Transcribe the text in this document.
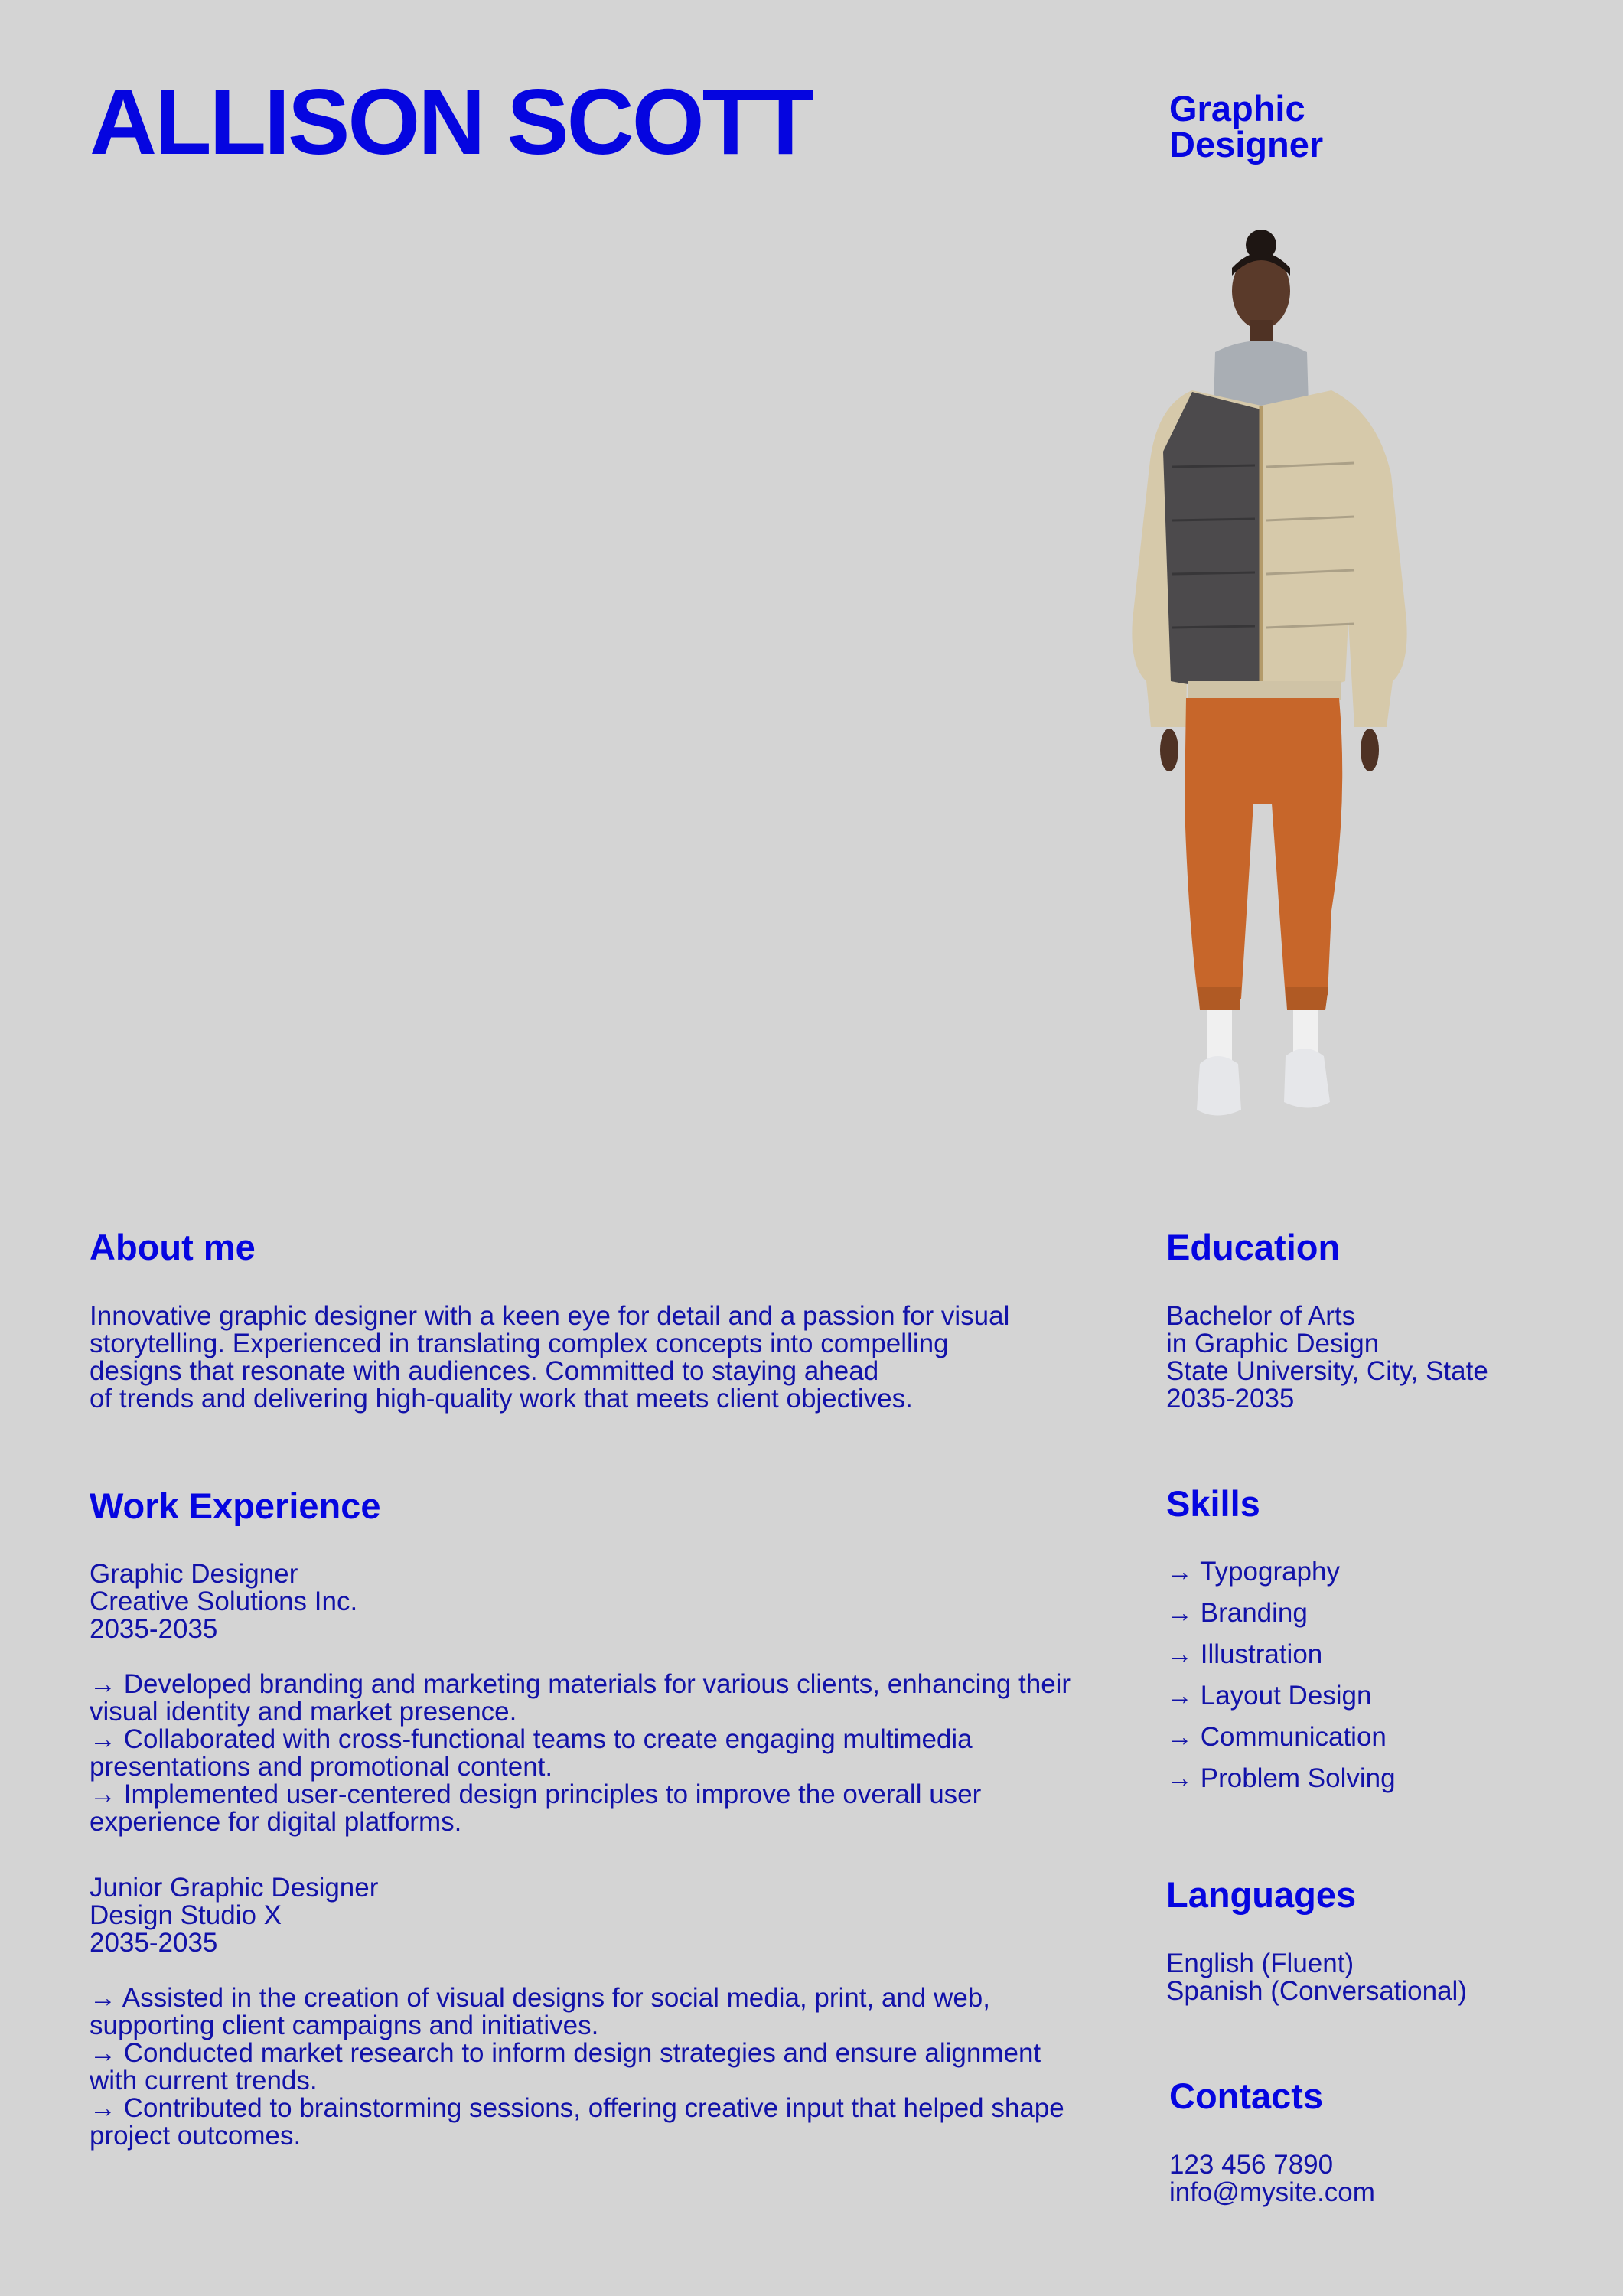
ALLISON SCOTT	Graphic
Designer
About me
Innovative graphic designer with a keen eye for detail and a passion for visual
storytelling. Experienced in translating complex concepts into compelling
designs that resonate with audiences. Committed to staying ahead
of trends and delivering high-quality work that meets client objectives.
Work Experience
Graphic Designer
Creative Solutions Inc.
2035-2035
→ Developed branding and marketing materials for various clients, enhancing their visual identity and market presence.
→ Collaborated with cross-functional teams to create engaging multimedia presentations and promotional content.
→ Implemented user-centered design principles to improve the overall user experience for digital platforms.
Junior Graphic Designer
Design Studio X
2035-2035
→ Assisted in the creation of visual designs for social media, print, and web, supporting client campaigns and initiatives.
→ Conducted market research to inform design strategies and ensure alignment with current trends.
→ Contributed to brainstorming sessions, offering creative input that helped shape project outcomes.
Education
Bachelor of Arts
in Graphic Design
State University, City, State
2035-2035
Skills
→ Typography
→ Branding
→ Illustration
→ Layout Design
→ Communication
→ Problem Solving
Languages
English (Fluent)
Spanish (Conversational)
Contacts
123 456 7890
info@mysite.com
